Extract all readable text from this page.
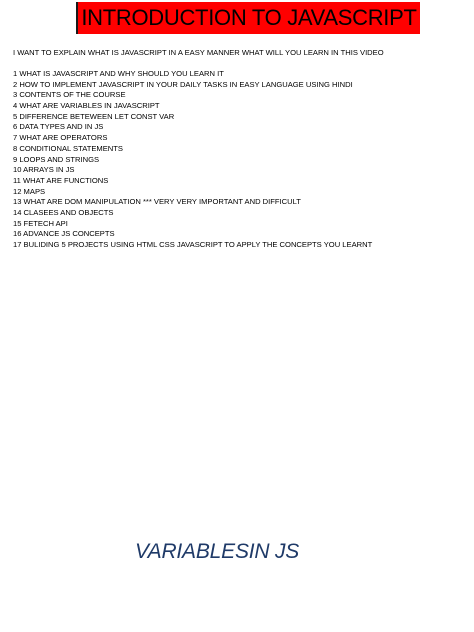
INTRODUCTION TO JAVASCRIPT
I WANT TO EXPLAIN WHAT IS JAVASCRIPT IN A EASY MANNER WHAT WILL YOU LEARN IN THIS VIDEO
1 WHAT IS JAVASCRIPT AND WHY SHOULD YOU LEARN IT
2 HOW TO IMPLEMENT JAVASCRIPT IN YOUR DAILY TASKS IN EASY LANGUAGE USING HINDI
3 CONTENTS OF THE COURSE
4 WHAT ARE VARIABLES IN JAVASCRIPT
5 DIFFERENCE BETEWEEN LET CONST VAR
6 DATA TYPES AND IN JS
7 WHAT ARE OPERATORS
8 CONDITIONAL STATEMENTS
9 LOOPS AND STRINGS
10 ARRAYS IN JS
11 WHAT ARE FUNCTIONS
12 MAPS
13 WHAT ARE DOM MANIPULATION *** VERY VERY IMPORTANT AND DIFFICULT
14 CLASEES AND OBJECTS
15 FETECH API
16 ADVANCE JS CONCEPTS
17 BULIDING 5 PROJECTS USING HTML CSS JAVASCRIPT TO APPLY THE CONCEPTS YOU LEARNT
VARIABLESIN JS
